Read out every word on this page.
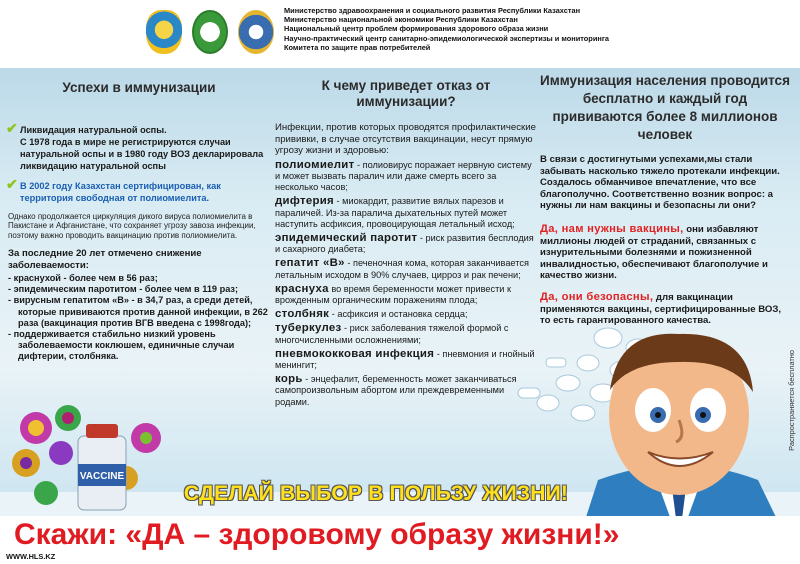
Министерство здравоохранения и социального развития Республики Казахстан
Министерство национальной экономики Республики Казахстан
Национальный центр проблем формирования здорового образа жизни
Научно-практический центр санитарно-эпидемиологической экспертизы и мониторинга
Комитета по защите прав потребителей
Успехи в иммунизации
✔ Ликвидация натуральной оспы.
С 1978 года в мире не регистрируются случаи натуральной оспы и в 1980 году ВОЗ декларировала ликвидацию натуральной оспы
✔ В 2002 году Казахстан сертифицирован, как территория свободная от полиомиелита.
Однако продолжается циркуляция дикого вируса полиомиелита в Пакистане и Афганистане, что сохраняет угрозу завоза инфекции, поэтому важно проводить вакцинацию против полиомиелита.
За последние 20 лет отмечено снижение заболеваемости:
- краснухой - более чем в 56 раз;
- эпидемическим паротитом - более чем в 119 раз;
- вирусным гепатитом «В» - в 34,7 раз, а среди детей, которые прививаются против данной инфекции, в 262 раза (вакцинация против ВГВ введена с 1998года);
- поддерживается стабильно низкий уровень заболеваемости коклюшем, единичные случаи дифтерии, столбняка.
К чему приведет отказ от иммунизации?
Инфекции, против которых проводятся профилактические прививки, в случае отсутствия вакцинации, несут прямую угрозу жизни и здоровью:
полиомиелит - полиовирус поражает нервную систему и может вызвать паралич или даже смерть всего за несколько часов;
дифтерия - миокардит, развитие вялых парезов и параличей. Из-за паралича дыхательных путей может наступить асфиксия, провоцирующая летальный исход;
эпидемический паротит - риск развития бесплодия и сахарного диабета;
гепатит «В» - печеночная кома, которая заканчивается летальным исходом в 90% случаев, цирроз и рак печени;
краснуха во время беременности может привести к врожденным органическим поражениям плода;
столбняк - асфиксия и остановка сердца;
туберкулез - риск заболевания тяжелой формой с многочисленными осложнениями;
пневмококковая инфекция - пневмония и гнойный менингит;
корь - энцефалит, беременность может заканчиваться самопроизвольным абортом или преждевременными родами.
Иммунизация населения проводится бесплатно и каждый год прививаются более 8 миллионов человек
В связи с достигнутыми успехами,мы стали забывать насколько тяжело протекали инфекции. Создалось обманчивое впечатление, что все благополучно. Соответственно возник вопрос: а нужны ли нам вакцины и безопасны ли они?
Да, нам нужны вакцины, они избавляют миллионы людей от страданий, связанных с изнурительными болезнями и пожизненной инвалидностью, обеспечивают благополучие и качество жизни.
Да, они безопасны, для вакцинации применяются вакцины, сертифицированные ВОЗ, то есть гарантированного качества.
VACCINE
Распространяется бесплатно
СДЕЛАЙ ВЫБОР В ПОЛЬЗУ ЖИЗНИ!
Скажи: «ДА – здоровому образу жизни!»
WWW.HLS.KZ
